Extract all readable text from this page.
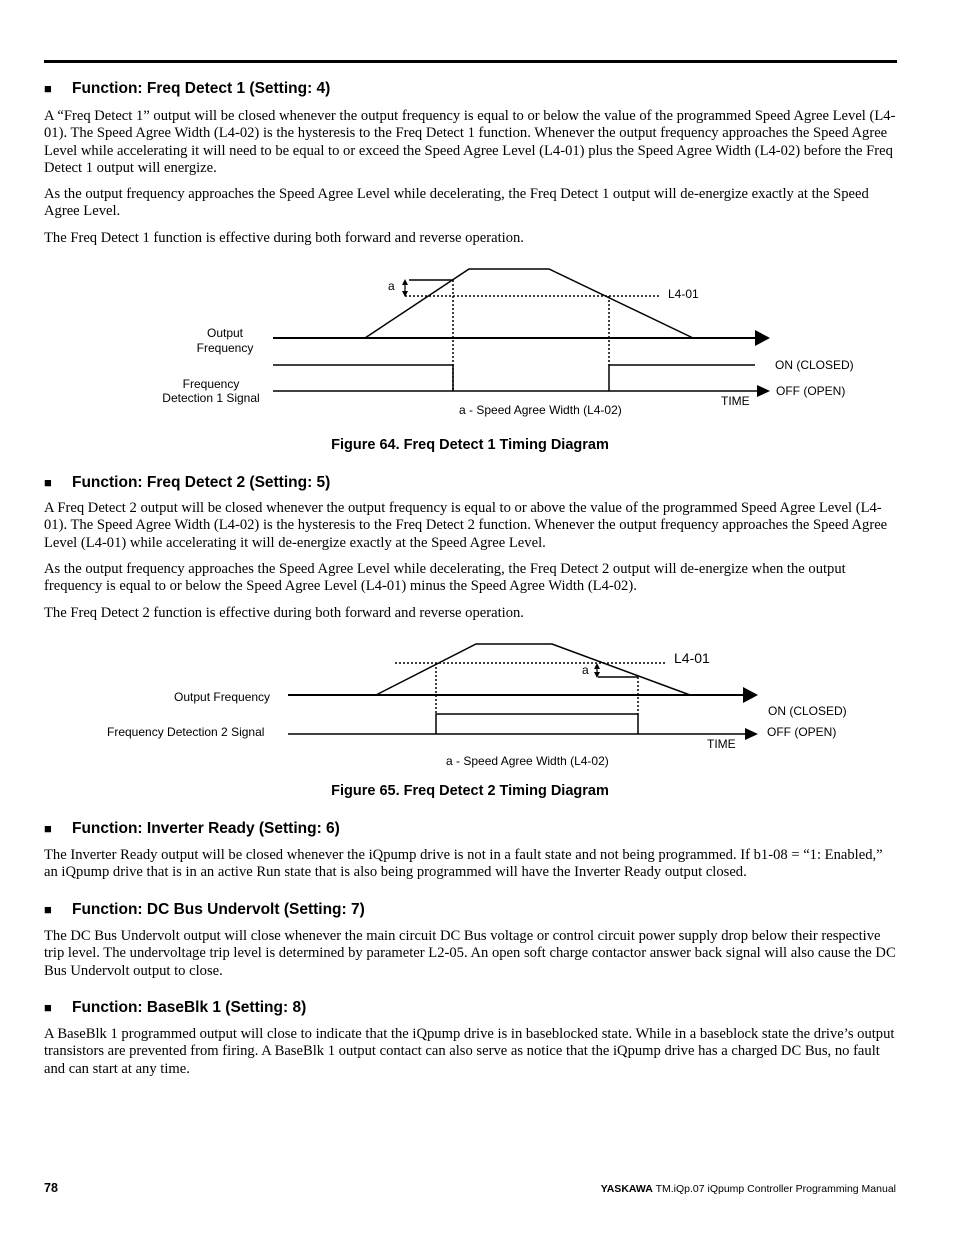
■ Function: Freq Detect 1 (Setting: 4)
A “Freq Detect 1” output will be closed whenever the output frequency is equal to or below the value of the programmed Speed Agree Level (L4-01). The Speed Agree Width (L4-02) is the hysteresis to the Freq Detect 1 function. Whenever the output frequency approaches the Speed Agree Level while accelerating it will need to be equal to or exceed the Speed Agree Level (L4-01) plus the Speed Agree Width (L4-02) before the Freq Detect 1 output will energize.
As the output frequency approaches the Speed Agree Level while decelerating, the Freq Detect 1 output will de-energize exactly at the Speed Agree Level.
The Freq Detect 1 function is effective during both forward and reverse operation.
a
L4-01
Output
Frequency
Frequency
Detection 1 Signal
ON (CLOSED)
OFF (OPEN)
TIME
a - Speed Agree Width (L4-02)
Figure 64. Freq Detect 1 Timing Diagram
■ Function: Freq Detect 2 (Setting: 5)
A Freq Detect 2 output will be closed whenever the output frequency is equal to or above the value of the programmed Speed Agree Level (L4-01). The Speed Agree Width (L4-02) is the hysteresis to the Freq Detect 2 function. Whenever the output frequency approaches the Speed Agree Level (L4-01) while accelerating it will de-energize exactly at the Speed Agree Level.
As the output frequency approaches the Speed Agree Level while decelerating, the Freq Detect 2 output will de-energize when the output frequency is equal to or below the Speed Agree Level (L4-01) minus the Speed Agree Width (L4-02).
The Freq Detect 2 function is effective during both forward and reverse operation.
a
L4-01
Output Frequency
Frequency Detection 2 Signal
ON (CLOSED)
OFF (OPEN)
TIME
a - Speed Agree Width (L4-02)
Figure 65. Freq Detect 2 Timing Diagram
■ Function: Inverter Ready (Setting: 6)
The Inverter Ready output will be closed whenever the iQpump drive is not in a fault state and not being programmed. If b1-08 = “1: Enabled,” an iQpump drive that is in an active Run state that is also being programmed will have the Inverter Ready output closed.
■ Function: DC Bus Undervolt (Setting: 7)
The DC Bus Undervolt output will close whenever the main circuit DC Bus voltage or control circuit power supply drop below their respective trip level. The undervoltage trip level is determined by parameter L2-05. An open soft charge contactor answer back signal will also cause the DC Bus Undervolt output to close.
■ Function: BaseBlk 1 (Setting: 8)
A BaseBlk 1 programmed output will close to indicate that the iQpump drive is in baseblocked state. While in a baseblock state the drive’s output transistors are prevented from firing. A BaseBlk 1 output contact can also serve as notice that the iQpump drive has a charged DC Bus, no fault and can start at any time.
78	YASKAWA TM.iQp.07 iQpump Controller Programming Manual
